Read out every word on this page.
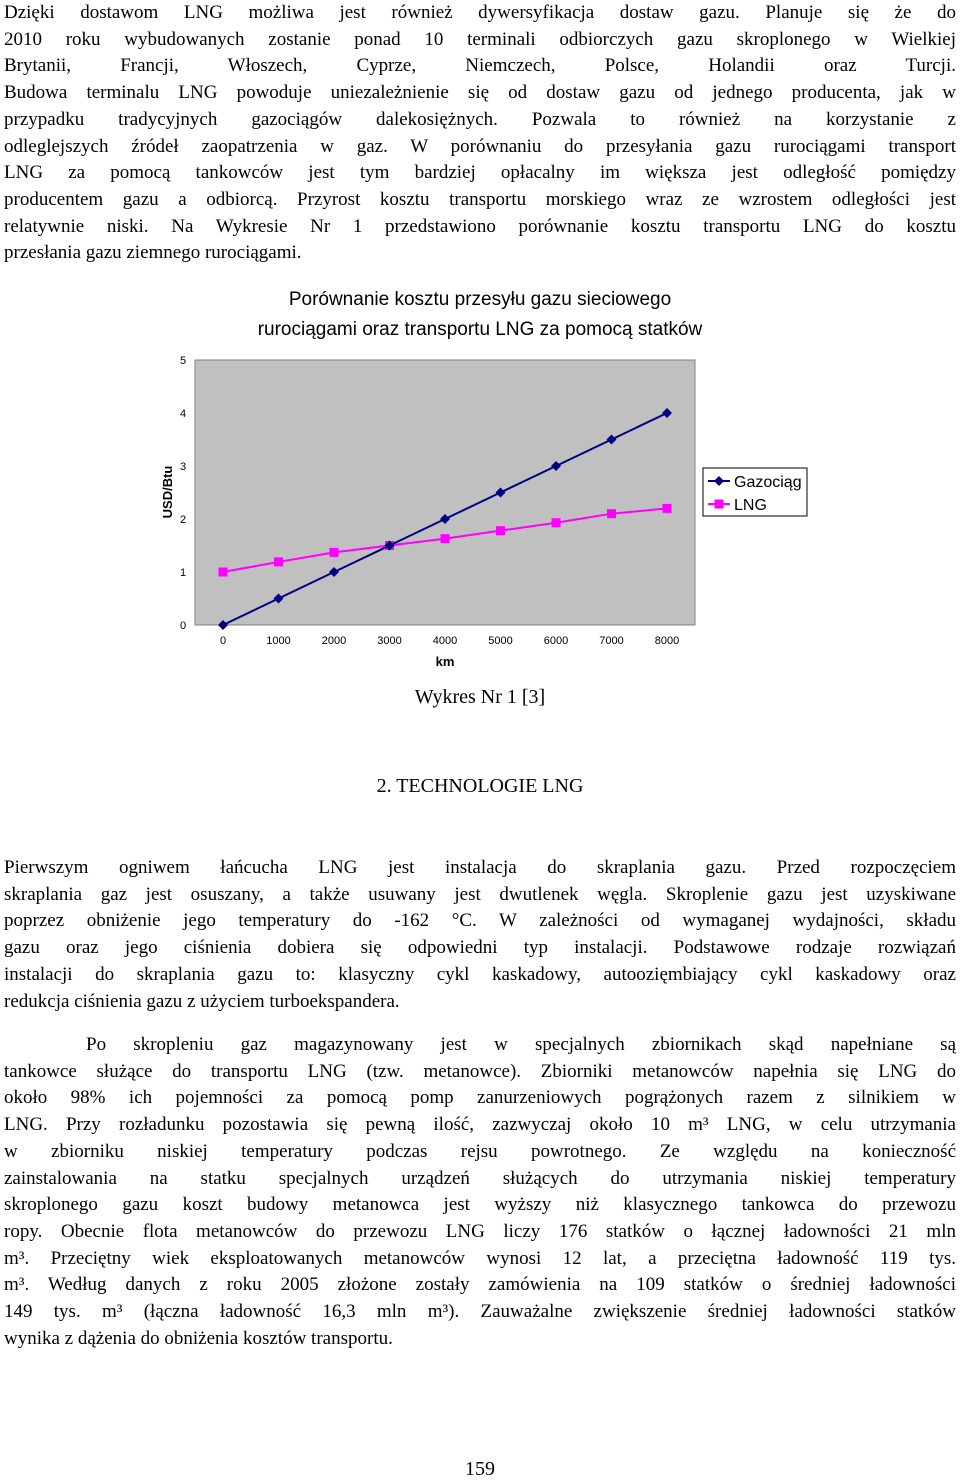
Dzięki dostawom LNG możliwa jest również dywersyfikacja dostaw gazu. Planuje się że do
2010 roku wybudowanych zostanie ponad 10 terminali odbiorczych gazu skroplonego w Wielkiej
Brytanii, Francji, Włoszech, Cyprze, Niemczech, Polsce, Holandii oraz Turcji.
Budowa terminalu LNG powoduje uniezależnienie się od dostaw gazu od jednego producenta, jak w
przypadku tradycyjnych gazociągów dalekosiężnych. Pozwala to również na korzystanie z
odleglejszych źródeł zaopatrzenia w gaz. W porównaniu do przesyłania gazu rurociągami transport
LNG za pomocą tankowców jest tym bardziej opłacalny im większa jest odległość pomiędzy
producentem gazu a odbiorcą. Przyrost kosztu transportu morskiego wraz ze wzrostem odległości jest
relatywnie niski. Na Wykresie Nr 1 przedstawiono porównanie kosztu transportu LNG do kosztu
przesłania gazu ziemnego rurociągami.
Porównanie kosztu przesyłu gazu sieciowego
rurociągami oraz transportu LNG za pomocą statków
0
1
2
3
4
5
0	1000	2000	3000	4000	5000	6000	7000	8000
km
USD/Btu	Gazociąg
LNG
Wykres Nr 1 [3]
2. TECHNOLOGIE LNG
Pierwszym ogniwem łańcucha LNG jest instalacja do skraplania gazu. Przed rozpoczęciem
skraplania gaz jest osuszany, a także usuwany jest dwutlenek węgla. Skroplenie gazu jest uzyskiwane
poprzez obniżenie jego temperatury do -162 °C. W zależności od wymaganej wydajności, składu
gazu oraz jego ciśnienia dobiera się odpowiedni typ instalacji. Podstawowe rodzaje rozwiązań
instalacji do skraplania gazu to: klasyczny cykl kaskadowy, autoozięmbiający cykl kaskadowy oraz
redukcja ciśnienia gazu z użyciem turboekspandera.
Po skropleniu gaz magazynowany jest w specjalnych zbiornikach skąd napełniane są
tankowce służące do transportu LNG (tzw. metanowce). Zbiorniki metanowców napełnia się LNG do
około 98% ich pojemności za pomocą pomp zanurzeniowych pogrążonych razem z silnikiem w
LNG. Przy rozładunku pozostawia się pewną ilość, zazwyczaj około 10 m³ LNG, w celu utrzymania
w zbiorniku niskiej temperatury podczas rejsu powrotnego. Ze względu na konieczność
zainstalowania na statku specjalnych urządzeń służących do utrzymania niskiej temperatury
skroplonego gazu koszt budowy metanowca jest wyższy niż klasycznego tankowca do przewozu
ropy. Obecnie flota metanowców do przewozu LNG liczy 176 statków o łącznej ładowności 21 mln
m³. Przeciętny wiek eksploatowanych metanowców wynosi 12 lat, a przeciętna ładowność 119 tys.
m³. Według danych z roku 2005 złożone zostały zamówienia na 109 statków o średniej ładowności
149 tys. m³ (łączna ładowność 16,3 mln m³). Zauważalne zwiększenie średniej ładowności statków
wynika z dążenia do obniżenia kosztów transportu.
159
